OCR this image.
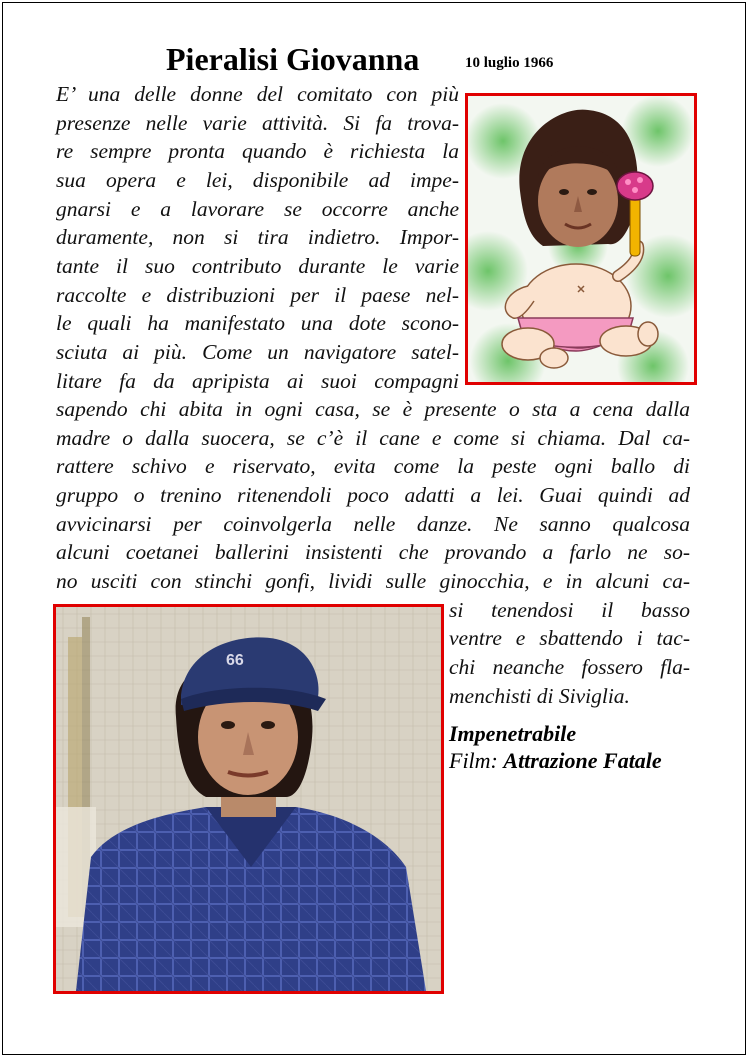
Pieralisi Giovanna	10 luglio 1966
66
Impenetrabile
Film: Attrazione Fatale
E’ una delle donne del comitato con più
presenze nelle varie attività. Si fa trova-
re sempre pronta quando è richiesta la
sua opera e lei, disponibile ad impe-
gnarsi e a lavorare se occorre anche
duramente, non si tira indietro. Impor-
tante il suo contributo durante le varie
raccolte e distribuzioni per il paese nel-
le quali ha manifestato una dote scono-
sciuta ai più. Come un navigatore satel-
litare fa da apripista ai suoi compagni
sapendo chi abita in ogni casa, se è presente o sta a cena dalla
madre o dalla suocera, se c’è il cane e come si chiama. Dal ca-
rattere schivo e riservato, evita come la peste ogni ballo di
gruppo o trenino ritenendoli poco adatti a lei. Guai quindi ad
avvicinarsi per coinvolgerla nelle danze. Ne sanno qualcosa
alcuni coetanei ballerini insistenti che provando a farlo ne so-
no usciti con stinchi gonfi, lividi sulle ginocchia, e in alcuni ca-
si tenendosi il basso
ventre e sbattendo i tac-
chi neanche fossero fla-
menchisti di Siviglia.
